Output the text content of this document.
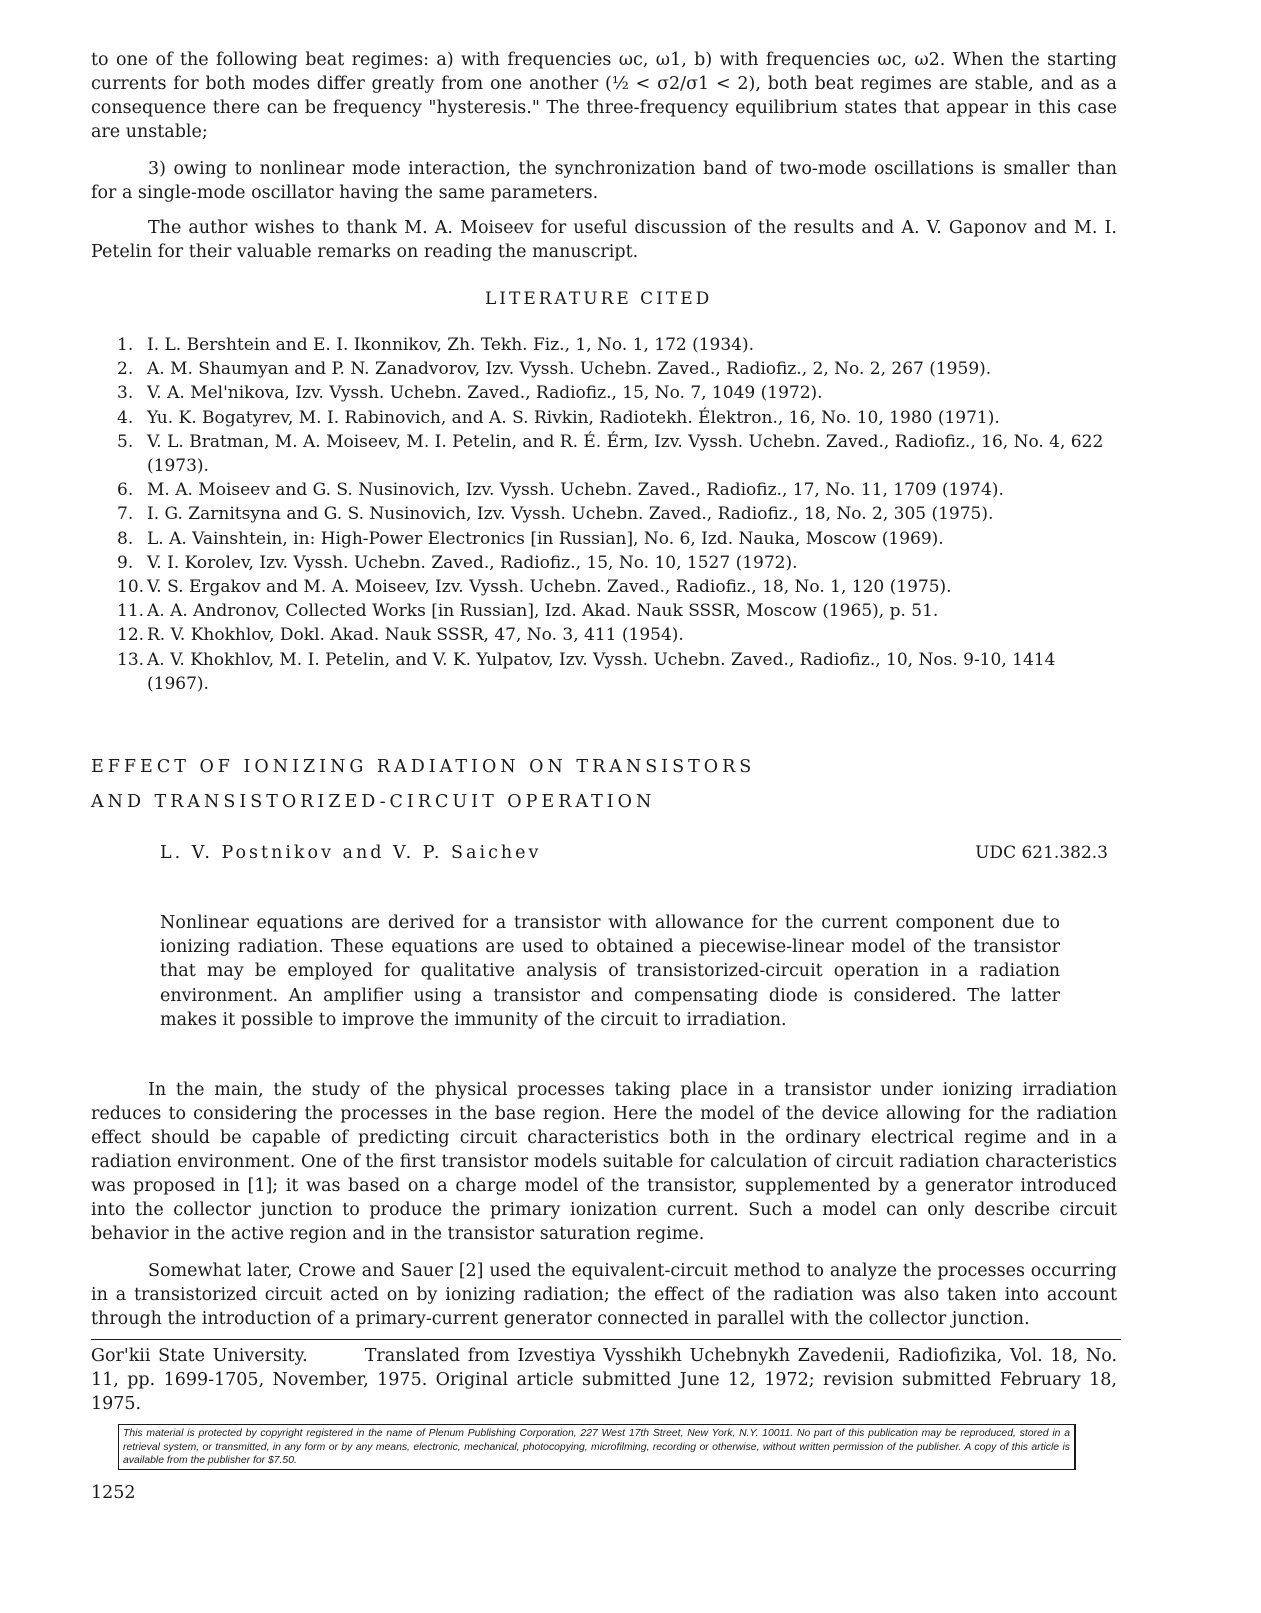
to one of the following beat regimes: a) with frequencies ωc, ω1, b) with frequencies ωc, ω2. When the starting currents for both modes differ greatly from one another (½ < σ2/σ1 < 2), both beat regimes are stable, and as a consequence there can be frequency "hysteresis." The three-frequency equilibrium states that appear in this case are unstable;

3) owing to nonlinear mode interaction, the synchronization band of two-mode oscillations is smaller than for a single-mode oscillator having the same parameters.

The author wishes to thank M. A. Moiseev for useful discussion of the results and A. V. Gaponov and M. I. Petelin for their valuable remarks on reading the manuscript.

LITERATURE CITED

1. I. L. Bershtein and E. I. Ikonnikov, Zh. Tekh. Fiz., 1, No. 1, 172 (1934).
2. A. M. Shaumyan and P. N. Zanadvorov, Izv. Vyssh. Uchebn. Zaved., Radiofiz., 2, No. 2, 267 (1959).
3. V. A. Mel'nikova, Izv. Vyssh. Uchebn. Zaved., Radiofiz., 15, No. 7, 1049 (1972).
4. Yu. K. Bogatyrev, M. I. Rabinovich, and A. S. Rivkin, Radiotekh. Élektron., 16, No. 10, 1980 (1971).
5. V. L. Bratman, M. A. Moiseev, M. I. Petelin, and R. É. Érm, Izv. Vyssh. Uchebn. Zaved., Radiofiz., 16, No. 4, 622 (1973).
6. M. A. Moiseev and G. S. Nusinovich, Izv. Vyssh. Uchebn. Zaved., Radiofiz., 17, No. 11, 1709 (1974).
7. I. G. Zarnitsyna and G. S. Nusinovich, Izv. Vyssh. Uchebn. Zaved., Radiofiz., 18, No. 2, 305 (1975).
8. L. A. Vainshtein, in: High-Power Electronics [in Russian], No. 6, Izd. Nauka, Moscow (1969).
9. V. I. Korolev, Izv. Vyssh. Uchebn. Zaved., Radiofiz., 15, No. 10, 1527 (1972).
10. V. S. Ergakov and M. A. Moiseev, Izv. Vyssh. Uchebn. Zaved., Radiofiz., 18, No. 1, 120 (1975).
11. A. A. Andronov, Collected Works [in Russian], Izd. Akad. Nauk SSSR, Moscow (1965), p. 51.
12. R. V. Khokhlov, Dokl. Akad. Nauk SSSR, 47, No. 3, 411 (1954).
13. A. V. Khokhlov, M. I. Petelin, and V. K. Yulpatov, Izv. Vyssh. Uchebn. Zaved., Radiofiz., 10, Nos. 9-10, 1414 (1967).

EFFECT OF IONIZING RADIATION ON TRANSISTORS

AND TRANSISTORIZED-CIRCUIT OPERATION

L. V. Postnikov and V. P. Saichev	UDC 621.382.3

Nonlinear equations are derived for a transistor with allowance for the current component due to ionizing radiation. These equations are used to obtained a piecewise-linear model of the transistor that may be employed for qualitative analysis of transistorized-circuit operation in a radiation environment. An amplifier using a transistor and compensating diode is considered. The latter makes it possible to improve the immunity of the circuit to irradiation.

In the main, the study of the physical processes taking place in a transistor under ionizing irradiation reduces to considering the processes in the base region. Here the model of the device allowing for the radiation effect should be capable of predicting circuit characteristics both in the ordinary electrical regime and in a radiation environment. One of the first transistor models suitable for calculation of circuit radiation characteristics was proposed in [1]; it was based on a charge model of the transistor, supplemented by a generator introduced into the collector junction to produce the primary ionization current. Such a model can only describe circuit behavior in the active region and in the transistor saturation regime.

Somewhat later, Crowe and Sauer [2] used the equivalent-circuit method to analyze the processes occurring in a transistorized circuit acted on by ionizing radiation; the effect of the radiation was also taken into account through the introduction of a primary-current generator connected in parallel with the collector junction.

Gor'kii State University.	Translated from Izvestiya Vysshikh Uchebnykh Zavedenii, Radiofizika, Vol. 18, No. 11, pp. 1699-1705, November, 1975. Original article submitted June 12, 1972; revision submitted February 18, 1975.

This material is protected by copyright registered in the name of Plenum Publishing Corporation, 227 West 17th Street, New York, N.Y. 10011. No part of this publication may be reproduced, stored in a retrieval system, or transmitted, in any form or by any means, electronic, mechanical, photocopying, microfilming, recording or otherwise, without written permission of the publisher. A copy of this article is available from the publisher for $7.50.

1252
